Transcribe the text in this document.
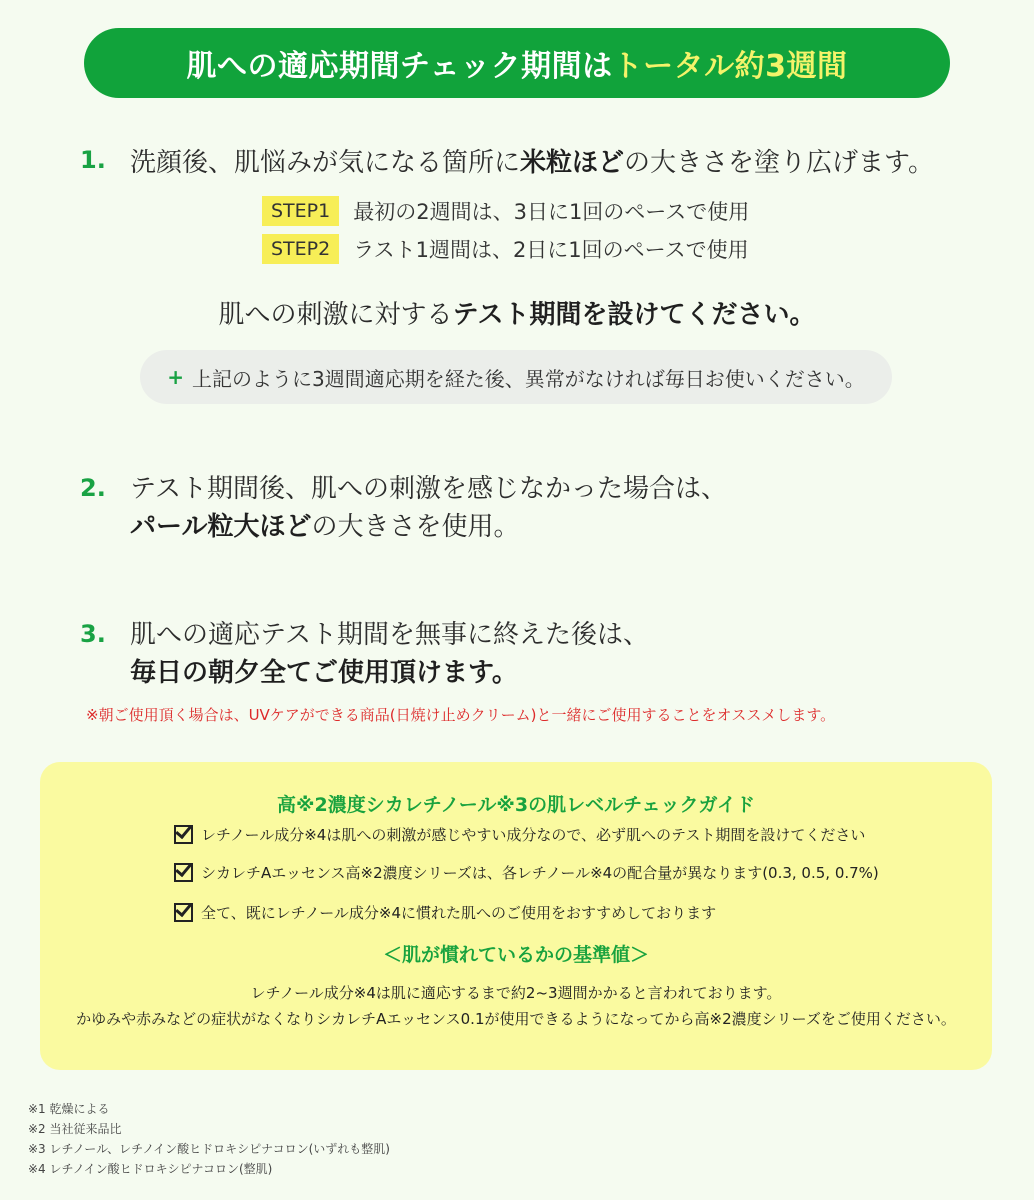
肌への適応期間チェック期間は トータル約3週間
1. 洗顔後、肌悩みが気になる箇所に米粒ほどの大きさを塗り広げます。
STEP1	最初の2週間は、3日に1回のペースで使用
STEP2	ラスト1週間は、2日に1回のペースで使用
肌への刺激に対するテスト期間を設けてください。
+ 上記のように3週間適応期を経た後、異常がなければ毎日お使いください。
2. テスト期間後、肌への刺激を感じなかった場合は、
パール粒大ほどの大きさを使用。
3. 肌への適応テスト期間を無事に終えた後は、
毎日の朝夕全てご使用頂けます。
※朝ご使用頂く場合は、UVケアができる商品(日焼け止めクリーム)と一緒にご使用することをオススメします。
高※2濃度シカレチノール※3の肌レベルチェックガイド
レチノール成分※4は肌への刺激が感じやすい成分なので、必ず肌へのテスト期間を設けてください
シカレチAエッセンス高※2濃度シリーズは、各レチノール※4の配合量が異なります(0.3, 0.5, 0.7%)
全て、既にレチノール成分※4に慣れた肌へのご使用をおすすめしております
＜肌が慣れているかの基準値＞
レチノール成分※4は肌に適応するまで約2~3週間かかると言われております。
かゆみや赤みなどの症状がなくなりシカレチAエッセンス0.1が使用できるようになってから高※2濃度シリーズをご使用ください。
※1 乾燥による
※2 当社従来品比
※3 レチノール、レチノイン酸ヒドロキシピナコロン(いずれも整肌)
※4 レチノイン酸ヒドロキシピナコロン(整肌)
